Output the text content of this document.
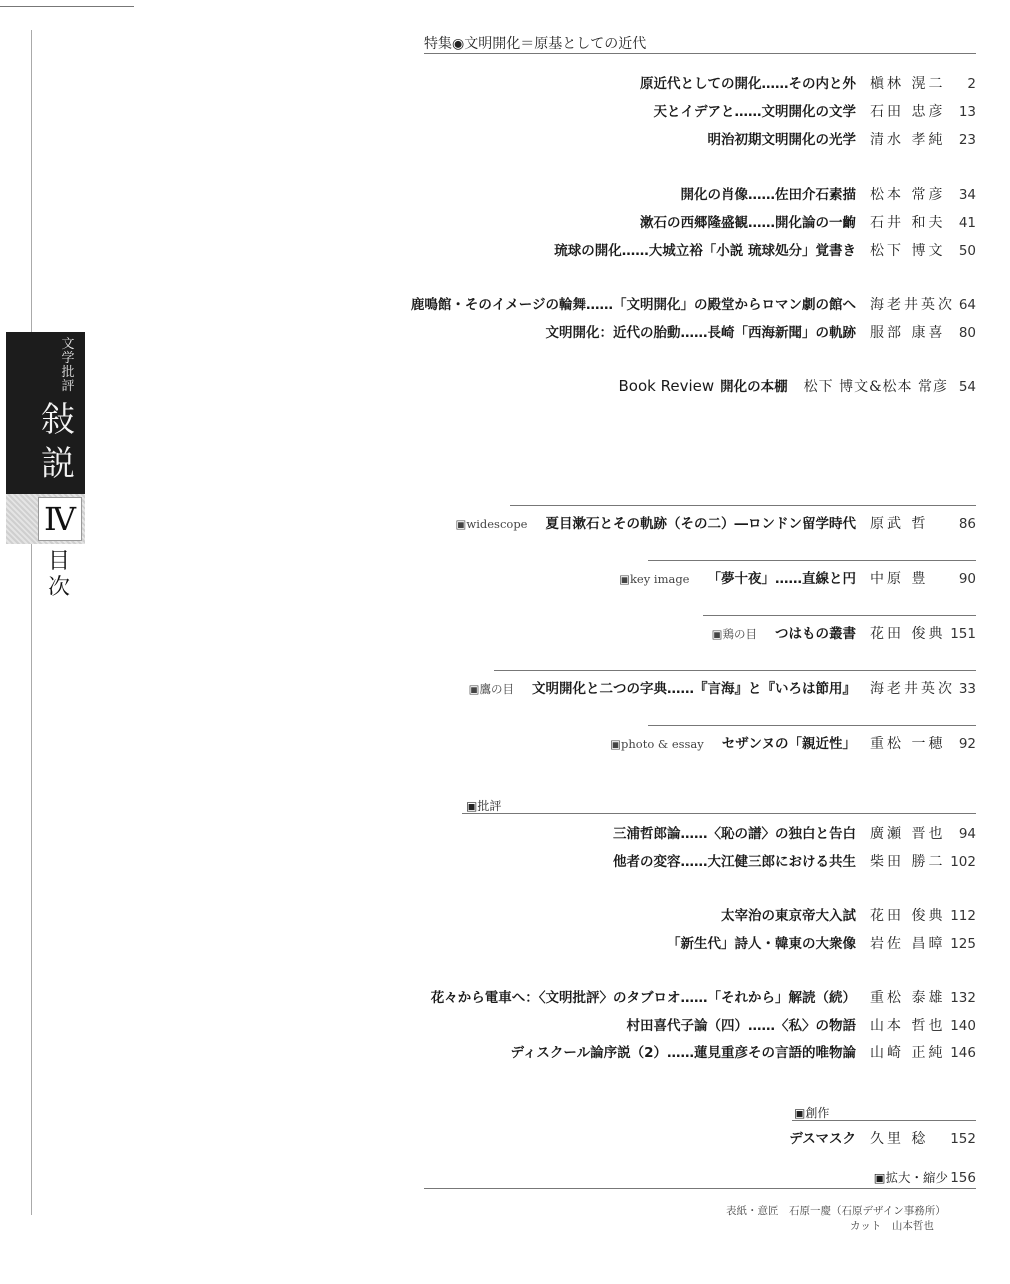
文学批評
敍説
Ⅳ
目次
特集◉文明開化＝原基としての近代
原近代としての開化……その内と外 槇林 滉二	2
天とイデアと……文明開化の文学 石田 忠彦 13
明治初期文明開化の光学 清水 孝純 23
開化の肖像……佐田介石素描 松本 常彦 34
漱石の西郷隆盛観……開化論の一齣 石井 和夫 41
琉球の開化……大城立裕「小説 琉球処分」覚書き 松下 博文 50
鹿鳴館・そのイメージの輪舞……「文明開化」の殿堂からロマン劇の館へ 海老井英次 64
文明開化：近代の胎動……長崎「西海新聞」の軌跡 服部 康喜 80
Book Review 開化の本棚 松下 博文&松本 常彦 54
▣widescope 夏目漱石とその軌跡（その二）―ロンドン留学時代 原武 哲	86
▣key image 「夢十夜」……直線と円 中原 豊	90
▣鶏の目 つはもの叢書 花田 俊典 151
▣鷹の目 文明開化と二つの字典……『言海』と『いろは節用』 海老井英次 33
▣photo & essay セザンヌの「親近性」 重松 一穂 92
▣批評
三浦哲郎論……〈恥の譜〉の独白と告白 廣瀬 晋也 94
他者の変容……大江健三郎における共生 柴田 勝二 102
太宰治の東京帝大入試 花田 俊典 112
「新生代」詩人・韓東の大衆像 岩佐 昌暲 125
花々から電車へ：〈文明批評〉のタブロオ……「それから」解読（続） 重松 泰雄 132
村田喜代子論（四）……〈私〉の物語 山本 哲也 140
ディスクール論序説（2）……蓮見重彦その言語的唯物論 山崎 正純 146
▣創作
デスマスク 久里 稔	152
▣拡大・縮少 156
表紙・意匠　石原一慶（石原デザイン事務所）
カット　山本哲也
